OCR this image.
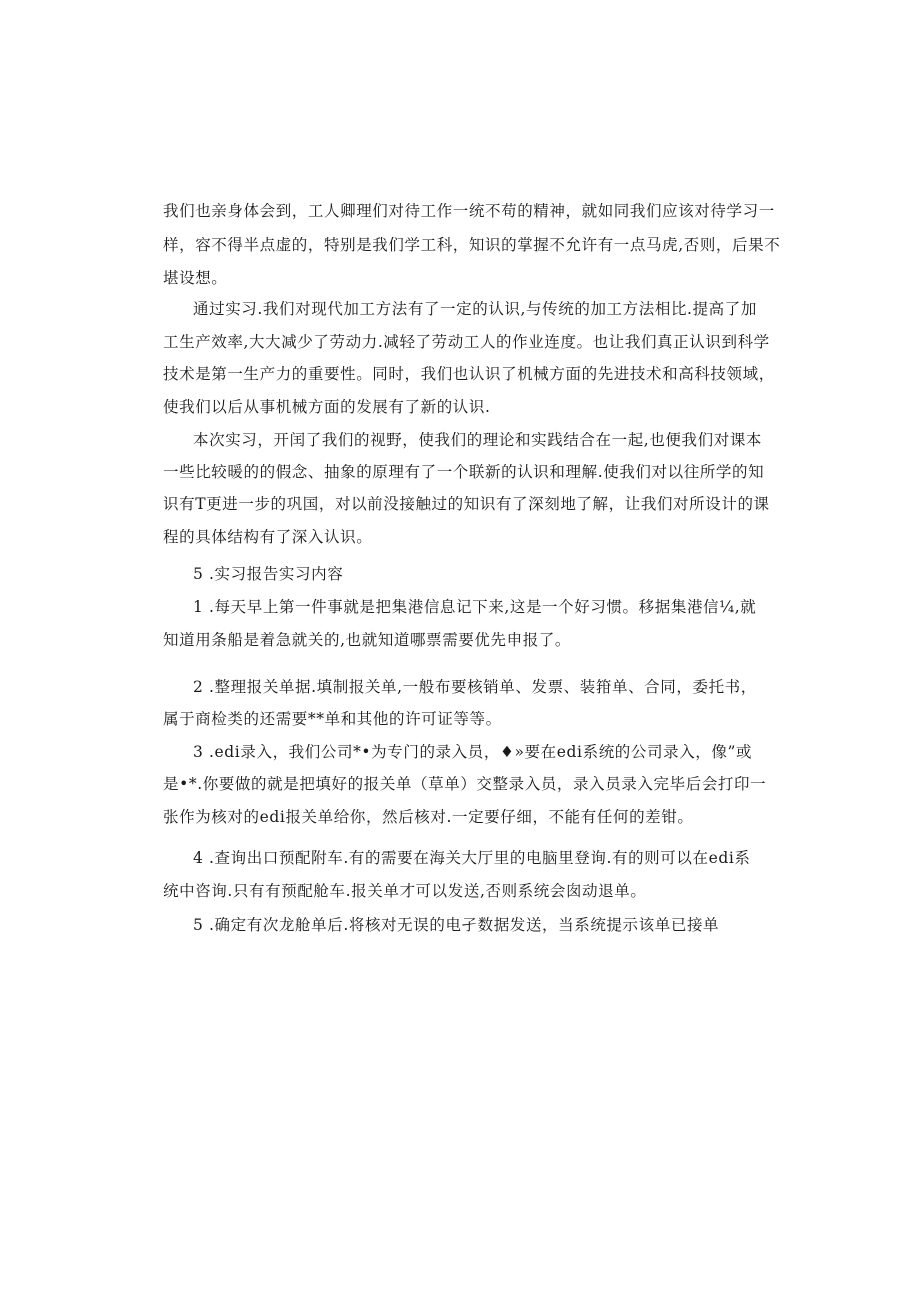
我们也亲身体会到，工人卿理们对待工作一统不苟的精神，就如同我们应该对待学习一
样，容不得半点虚的，特别是我们学工科，知识的掌握不允许有一点马虎,否则，后果不
堪设想。
通过实习.我们对现代加工方法有了一定的认识,与传统的加工方法相比.提高了加
工生产效率,大大减少了劳动力.减轻了劳动工人的作业连度。也让我们真正认识到科学
技术是第一生产力的重要性。同时，我们也认识了机械方面的先进技术和高科技领域，
使我们以后从事机械方面的发展有了新的认识.
本次实习，开闰了我们的视野，使我们的理论和实践结合在一起,也便我们对课本
一些比较暖的的假念、抽象的原理有了一个联新的认识和理解.使我们对以往所学的知
识有T更进一步的巩国，对以前没接触过的知识有了深刻地了解，让我们对所设计的课
程的具体结构有了深入认识。
5 .实习报告实习内容
1 .每天早上第一件事就是把集港信息记下来,这是一个好习惯。移据集港信¼,就
知道用条船是着急就关的,也就知道哪票需要优先申报了。
2 .整理报关单据.填制报关单,一般布要核销单、发票、装箝单、合同，委托书，
属于商检类的还需要**单和其他的许可证等等。
3 .edi录入，我们公司*•为专门的录入员，♦»要在edi系统的公司录入，像”或
是•*.你要做的就是把填好的报关单（草单）交整录入员，录入员录入完毕后会打印一
张作为核对的edi报关单给你，然后核对.一定要仔细，不能有任何的差钳。
4 .查询出口预配附车.有的需要在海关大厅里的电脑里登询.有的则可以在edi系
统中咨询.只有有预配舱车.报关单才可以发送,否则系统会囱动退单。
5 .确定有次龙舱单后.将核对无误的电孑数据发送，当系统提示该单已接单
